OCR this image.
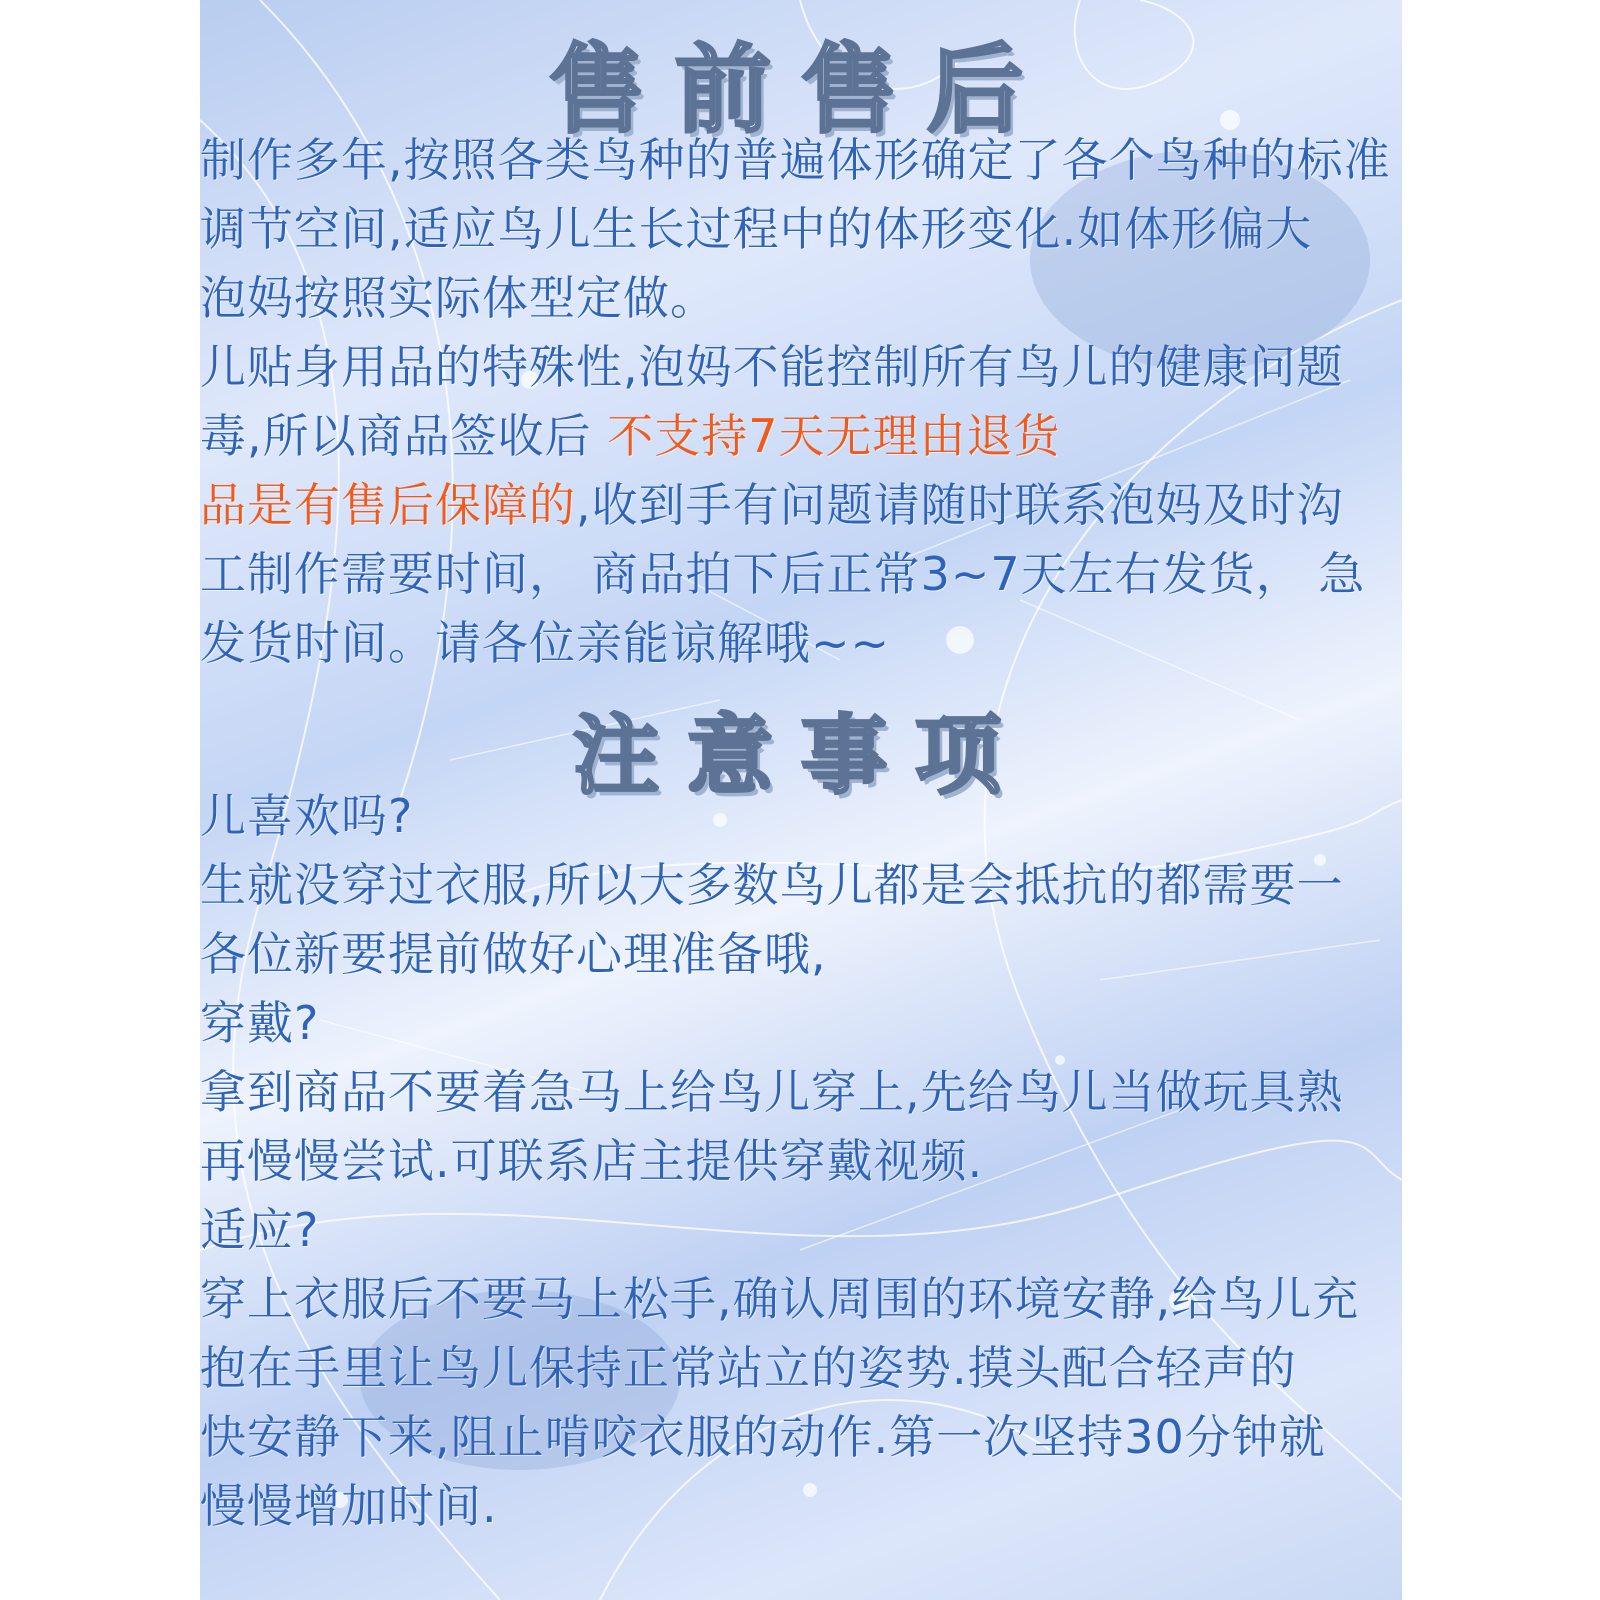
售前售后
制作多年,按照各类鸟种的普遍体形确定了各个鸟种的标准
调节空间,适应鸟儿生长过程中的体形变化.如体形偏大
泡妈按照实际体型定做。
儿贴身用品的特殊性,泡妈不能控制所有鸟儿的健康问题
毒,所以商品签收后 不支持7天无理由退货
品是有售后保障的,收到手有问题请随时联系泡妈及时沟
工制作需要时间， 商品拍下后正常3~7天左右发货， 急
发货时间。请各位亲能谅解哦~~
注意事项
儿喜欢吗?
生就没穿过衣服,所以大多数鸟儿都是会抵抗的都需要一
各位新要提前做好心理准备哦,
穿戴?
拿到商品不要着急马上给鸟儿穿上,先给鸟儿当做玩具熟
再慢慢尝试.可联系店主提供穿戴视频.
适应?
穿上衣服后不要马上松手,确认周围的环境安静,给鸟儿充
抱在手里让鸟儿保持正常站立的姿势.摸头配合轻声的
快安静下来,阻止啃咬衣服的动作.第一次坚持30分钟就
慢慢增加时间.
